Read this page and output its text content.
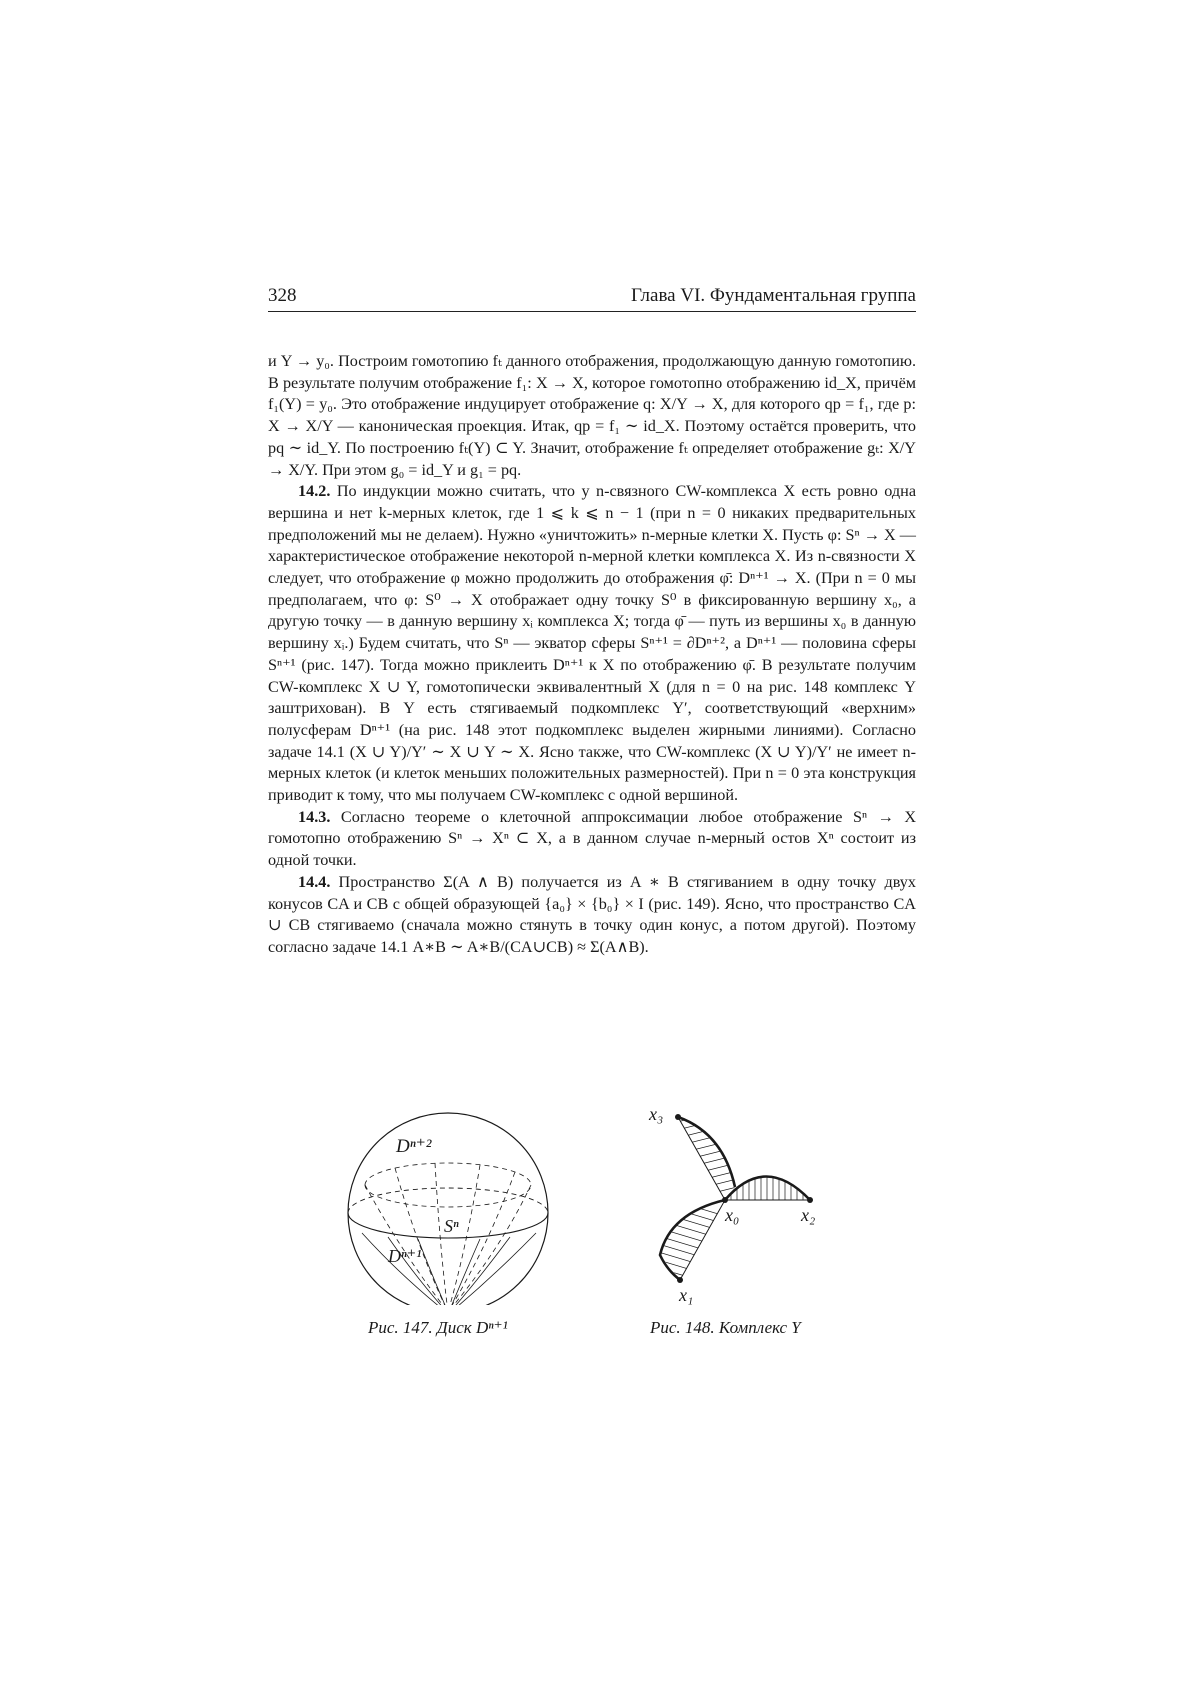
328	Глава VI. Фундаментальная группа

и Y → y₀. Построим гомотопию fₜ данного отображения, продолжающую данную гомотопию. В результате получим отображение f₁: X → X, которое гомотопно отображению id_X, причём f₁(Y) = y₀. Это отображение индуцирует отображение q: X/Y → X, для которого qp = f₁, где p: X → X/Y — каноническая проекция. Итак, qp = f₁ ∼ id_X. Поэтому остаётся проверить, что pq ∼ id_Y. По построению fₜ(Y) ⊂ Y. Значит, отображение fₜ определяет отображение gₜ: X/Y → X/Y. При этом g₀ = id_Y и g₁ = pq.

14.2. По индукции можно считать, что у n-связного CW-комплекса X есть ровно одна вершина и нет k-мерных клеток, где 1 ⩽ k ⩽ n − 1 (при n = 0 никаких предварительных предположений мы не делаем). Нужно «уничтожить» n-мерные клетки X. Пусть φ: Sⁿ → X — характеристическое отображение некоторой n-мерной клетки комплекса X. Из n-связности X следует, что отображение φ можно продолжить до отображения φ̄: Dⁿ⁺¹ → X. (При n = 0 мы предполагаем, что φ: S⁰ → X отображает одну точку S⁰ в фиксированную вершину x₀, а другую точку — в данную вершину xᵢ комплекса X; тогда φ̄ — путь из вершины x₀ в данную вершину xᵢ.) Будем считать, что Sⁿ — экватор сферы Sⁿ⁺¹ = ∂Dⁿ⁺², а Dⁿ⁺¹ — половина сферы Sⁿ⁺¹ (рис. 147). Тогда можно приклеить Dⁿ⁺¹ к X по отображению φ̄. В результате получим CW-комплекс X ∪ Y, гомотопически эквивалентный X (для n = 0 на рис. 148 комплекс Y заштрихован). В Y есть стягиваемый подкомплекс Y′, соответствующий «верхним» полусферам Dⁿ⁺¹ (на рис. 148 этот подкомплекс выделен жирными линиями). Согласно задаче 14.1 (X ∪ Y)/Y′ ∼ X ∪ Y ∼ X. Ясно также, что CW-комплекс (X ∪ Y)/Y′ не имеет n-мерных клеток (и клеток меньших положительных размерностей). При n = 0 эта конструкция приводит к тому, что мы получаем CW-комплекс с одной вершиной.

14.3. Согласно теореме о клеточной аппроксимации любое отображение Sⁿ → X гомотопно отображению Sⁿ → Xⁿ ⊂ X, а в данном случае n-мерный остов Xⁿ состоит из одной точки.

14.4. Пространство Σ(A ∧ B) получается из A ∗ B стягиванием в одну точку двух конусов CA и CB с общей образующей {a₀} × {b₀} × I (рис. 149). Ясно, что пространство CA ∪ CB стягиваемо (сначала можно стянуть в точку один конус, а потом другой). Поэтому согласно задаче 14.1 A∗B ∼ A∗B/(CA∪CB) ≈ Σ(A∧B).

Dⁿ⁺²
Sⁿ
Dⁿ⁺¹
Рис. 147. Диск Dⁿ⁺¹
x₀	x₂
x₃
x₁
Рис. 148. Комплекс Y
